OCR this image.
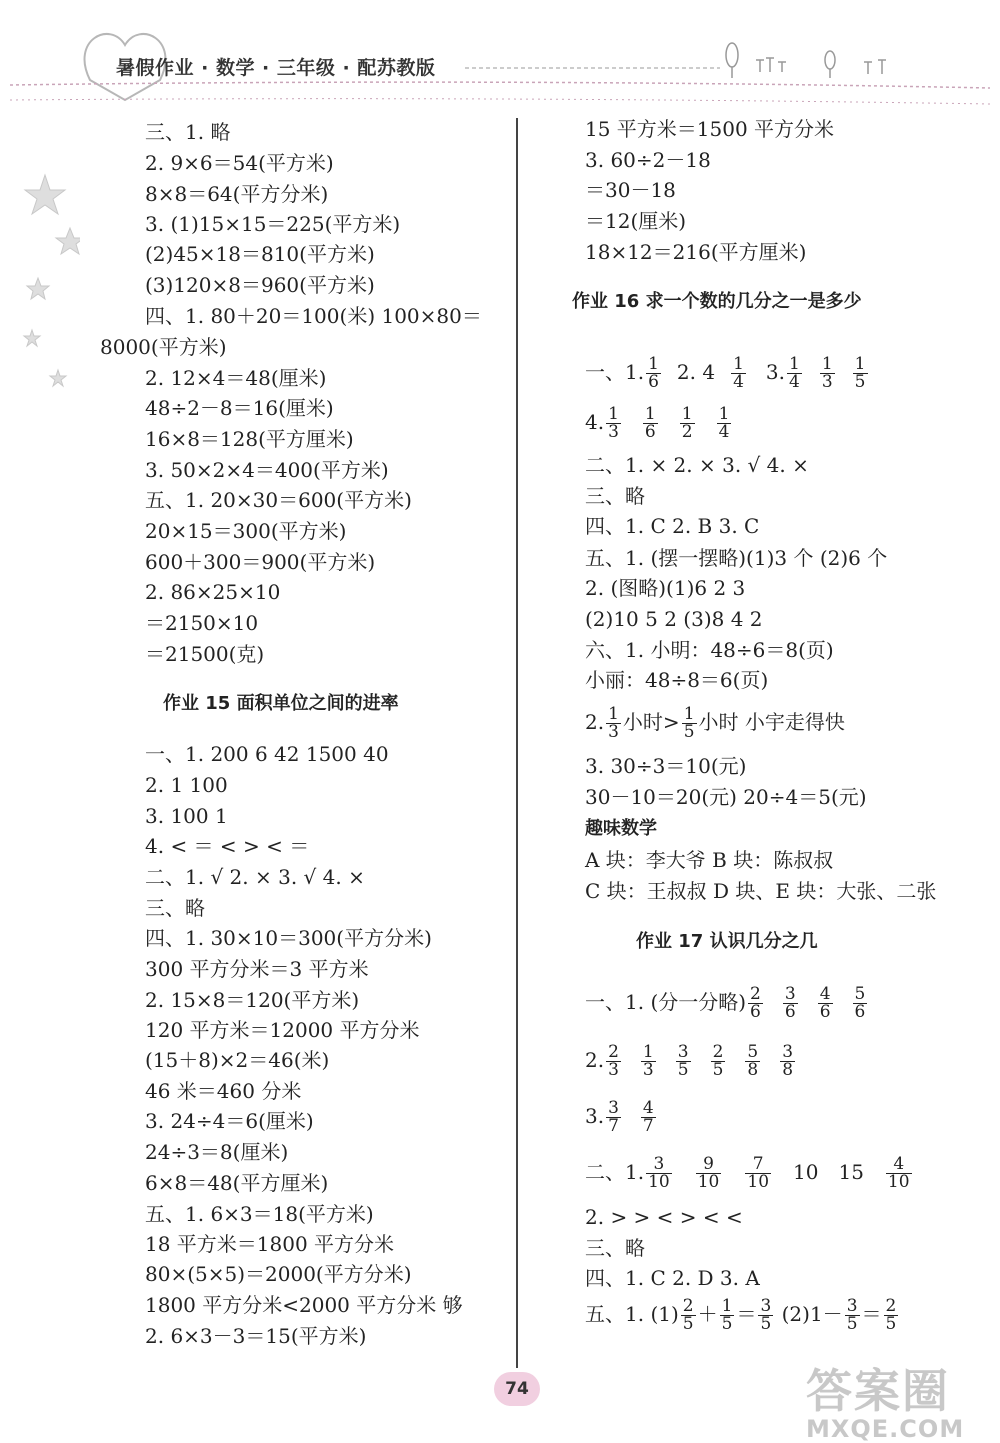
暑假作业 · 数学 · 三年级 · 配苏教版
三、1. 略
2. 9×6＝54(平方米)
8×8＝64(平方分米)
3. (1)15×15＝225(平方米)
(2)45×18＝810(平方米)
(3)120×8＝960(平方米)
四、1. 80＋20＝100(米) 100×80＝
8000(平方米)
2. 12×4＝48(厘米)
48÷2－8＝16(厘米)
16×8＝128(平方厘米)
3. 50×2×4＝400(平方米)
五、1. 20×30＝600(平方米)
20×15＝300(平方米)
600＋300＝900(平方米)
2. 86×25×10
＝2150×10
＝21500(克)
作业 15 面积单位之间的进率
一、1. 200 6 42 1500 40
2. 1 100
3. 100 1
4. < ＝ < > < ＝
二、1. √ 2. × 3. √ 4. ×
三、略
四、1. 30×10＝300(平方分米)
300 平方分米＝3 平方米
2. 15×8＝120(平方米)
120 平方米＝12000 平方分米
(15＋8)×2＝46(米)
46 米＝460 分米
3. 24÷4＝6(厘米)
24÷3＝8(厘米)
6×8＝48(平方厘米)
五、1. 6×3＝18(平方米)
18 平方米＝1800 平方分米
80×(5×5)＝2000(平方分米)
1800 平方分米<2000 平方分米 够
2. 6×3－3＝15(平方米)
15 平方米＝1500 平方分米
3. 60÷2－18
＝30－18
＝12(厘米)
18×12＝216(平方厘米)
作业 16 求一个数的几分之一是多少
二、1. × 2. × 3. √ 4. ×
三、略
四、1. C 2. B 3. C
五、1. (摆一摆略)(1)3 个 (2)6 个
2. (图略)(1)6 2 3
(2)10 5 2 (3)8 4 2
六、1. 小明：48÷6＝8(页)
小丽：48÷8＝6(页)
3. 30÷3＝10(元)
30－10＝20(元) 20÷4＝5(元)
趣味数学
A 块：李大爷 B 块：陈叔叔
C 块：王叔叔 D 块、E 块：大张、二张
作业 17 认识几分之几
2. > > < > < <
三、略
四、1. C 2. D 3. A
一、1. $\frac{1}{6} 2$. $4 \frac{1}{4} 3$. $\frac{1}{4} \frac{1}{3} \frac{1}{5}$
4. $\frac{1}{3} \frac{1}{6} \frac{1}{2} \frac{1}{4}$
2. $\frac{1}{3}$ 小时> $\frac{1}{5}$ 小时 小宇走得快
一、1. (分一分略) $\frac{2}{6} \frac{3}{6} \frac{4}{6} \frac{5}{6}$
2. $\frac{2}{3} \frac{1}{3} \frac{3}{5} \frac{2}{5} \frac{5}{8} \frac{3}{8}$
3. $\frac{3}{7} \frac{4}{7}$
二、1. $\frac{3}{10} \frac{9}{10} \frac{7}{10} 10$ $15 \frac{4}{10}$
五、1. $(1) \frac{2}{5} + \frac{1}{5} = \frac{3}{5} (2)1- \frac{3}{5} = \frac{2}{5}$
74	答案圈
MXQE.COM
